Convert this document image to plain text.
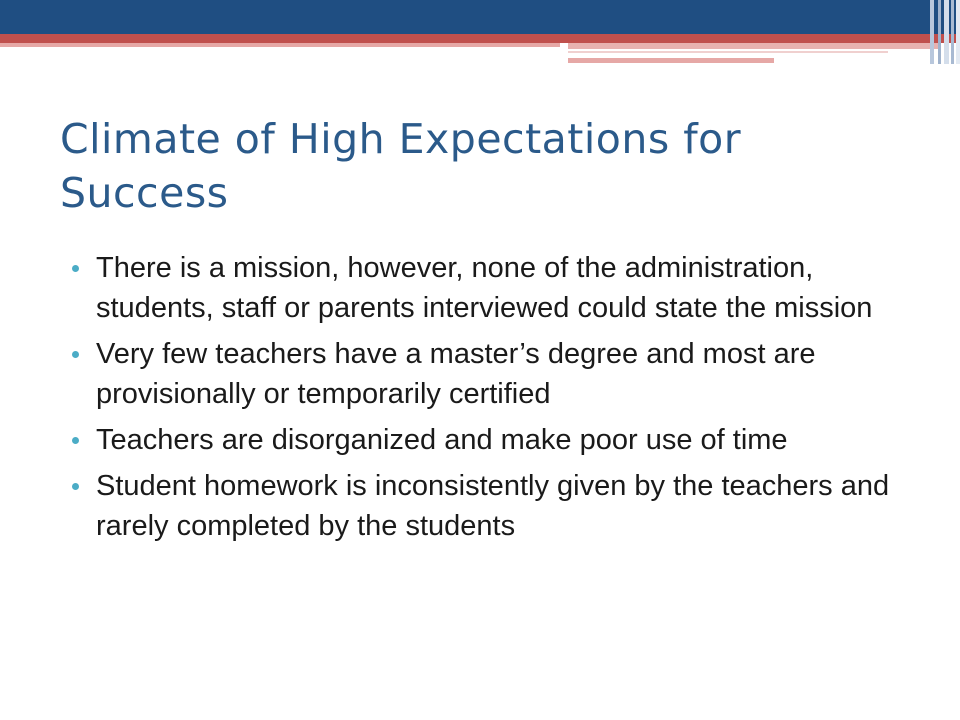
Climate of High Expectations for Success
There is a mission, however, none of the administration, students, staff or parents interviewed could state the mission
Very few teachers have a master’s degree and most are provisionally or temporarily certified
Teachers are disorganized and make poor use of time
Student homework is inconsistently given by the teachers and rarely completed by the students
